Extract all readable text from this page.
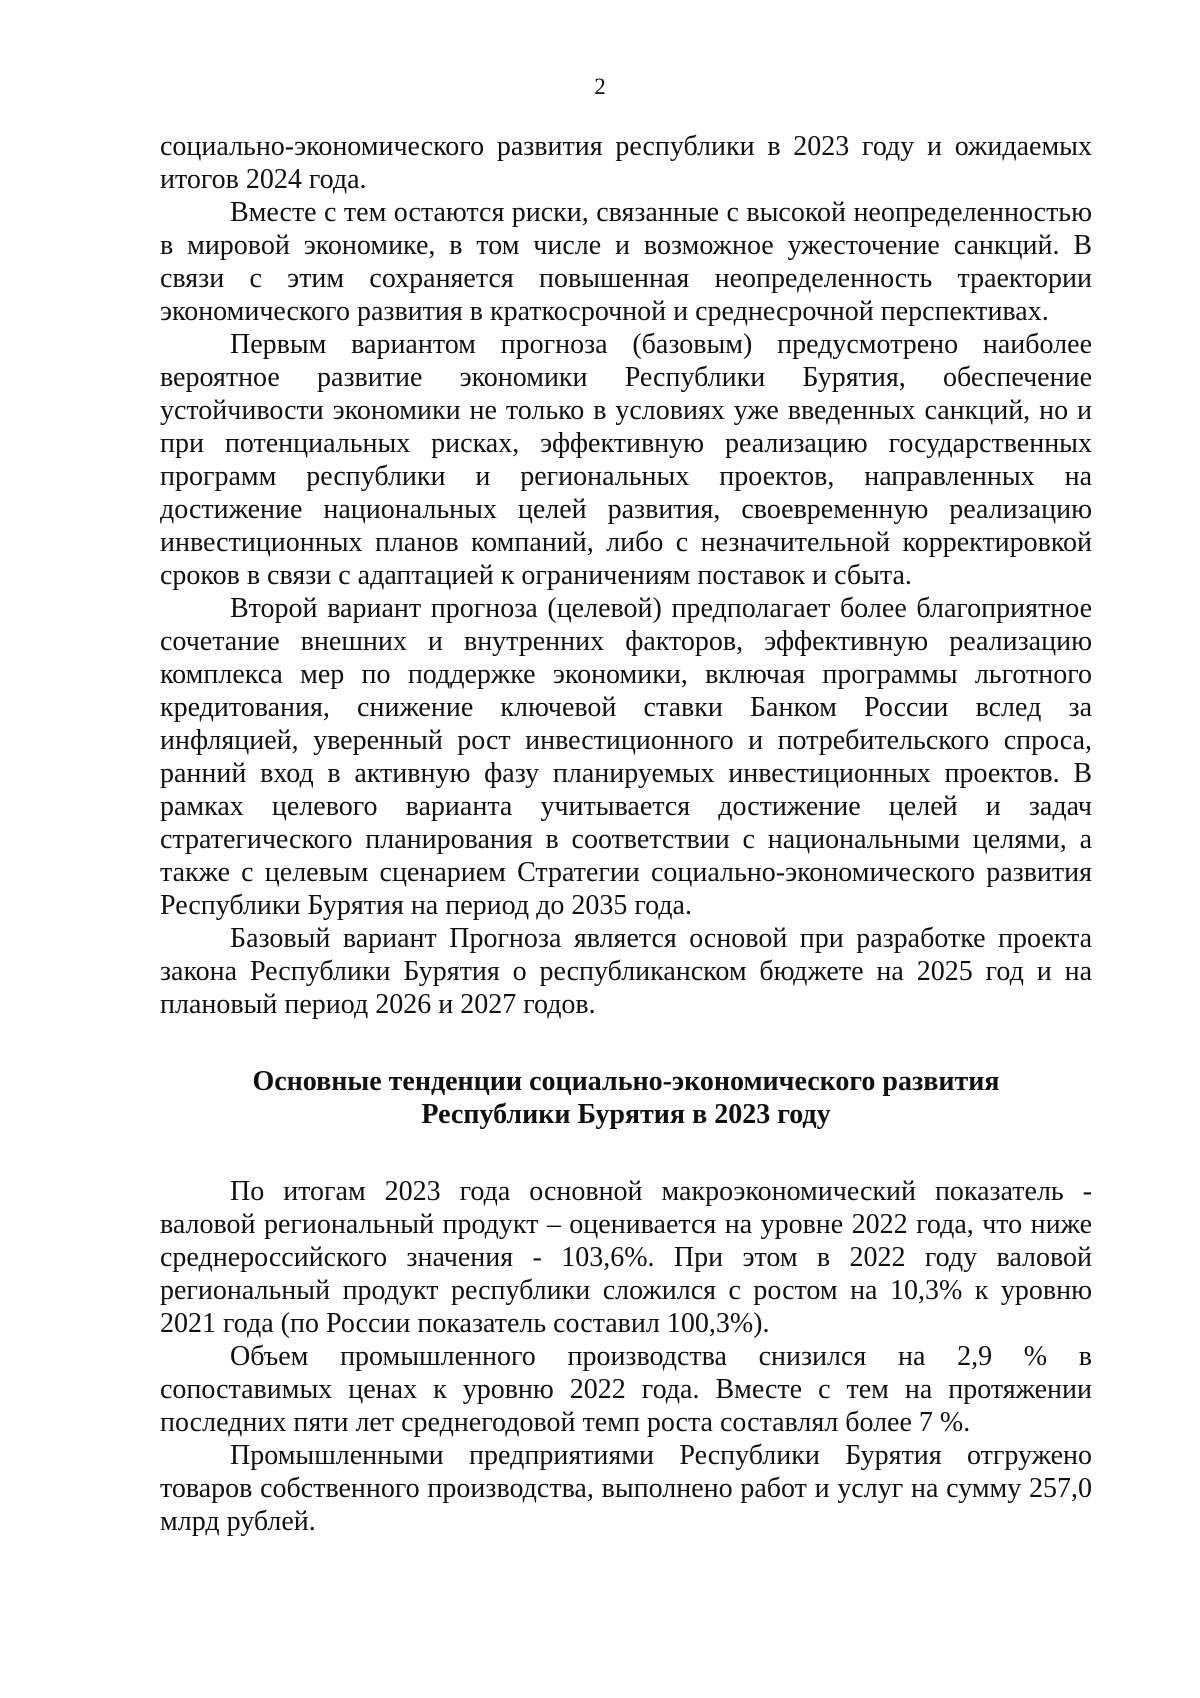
2

социально-экономического развития республики в 2023 году и ожидаемых итогов 2024 года.

Вместе с тем остаются риски, связанные с высокой неопределенностью в мировой экономике, в том числе и возможное ужесточение санкций. В связи с этим сохраняется повышенная неопределенность траектории экономического развития в краткосрочной и среднесрочной перспективах.

Первым вариантом прогноза (базовым) предусмотрено наиболее вероятное развитие экономики Республики Бурятия, обеспечение устойчивости экономики не только в условиях уже введенных санкций, но и при потенциальных рисках, эффективную реализацию государственных программ республики и региональных проектов, направленных на достижение национальных целей развития, своевременную реализацию инвестиционных планов компаний, либо с незначительной корректировкой сроков в связи с адаптацией к ограничениям поставок и сбыта.

Второй вариант прогноза (целевой) предполагает более благоприятное сочетание внешних и внутренних факторов, эффективную реализацию комплекса мер по поддержке экономики, включая программы льготного кредитования, снижение ключевой ставки Банком России вслед за инфляцией, уверенный рост инвестиционного и потребительского спроса, ранний вход в активную фазу планируемых инвестиционных проектов. В рамках целевого варианта учитывается достижение целей и задач стратегического планирования в соответствии с национальными целями, а также с целевым сценарием Стратегии социально-экономического развития Республики Бурятия на период до 2035 года.

Базовый вариант Прогноза является основой при разработке проекта закона Республики Бурятия о республиканском бюджете на 2025 год и на плановый период 2026 и 2027 годов.

Основные тенденции социально-экономического развития
Республики Бурятия в 2023 году

По итогам 2023 года основной макроэкономический показатель - валовой региональный продукт – оценивается на уровне 2022 года, что ниже среднероссийского значения - 103,6%. При этом в 2022 году валовой региональный продукт республики сложился с ростом на 10,3% к уровню 2021 года (по России показатель составил 100,3%).

Объем промышленного производства снизился на 2,9 % в сопоставимых ценах к уровню 2022 года. Вместе с тем на протяжении последних пяти лет среднегодовой темп роста составлял более 7 %.

Промышленными предприятиями Республики Бурятия отгружено товаров собственного производства, выполнено работ и услуг на сумму 257,0 млрд рублей.
